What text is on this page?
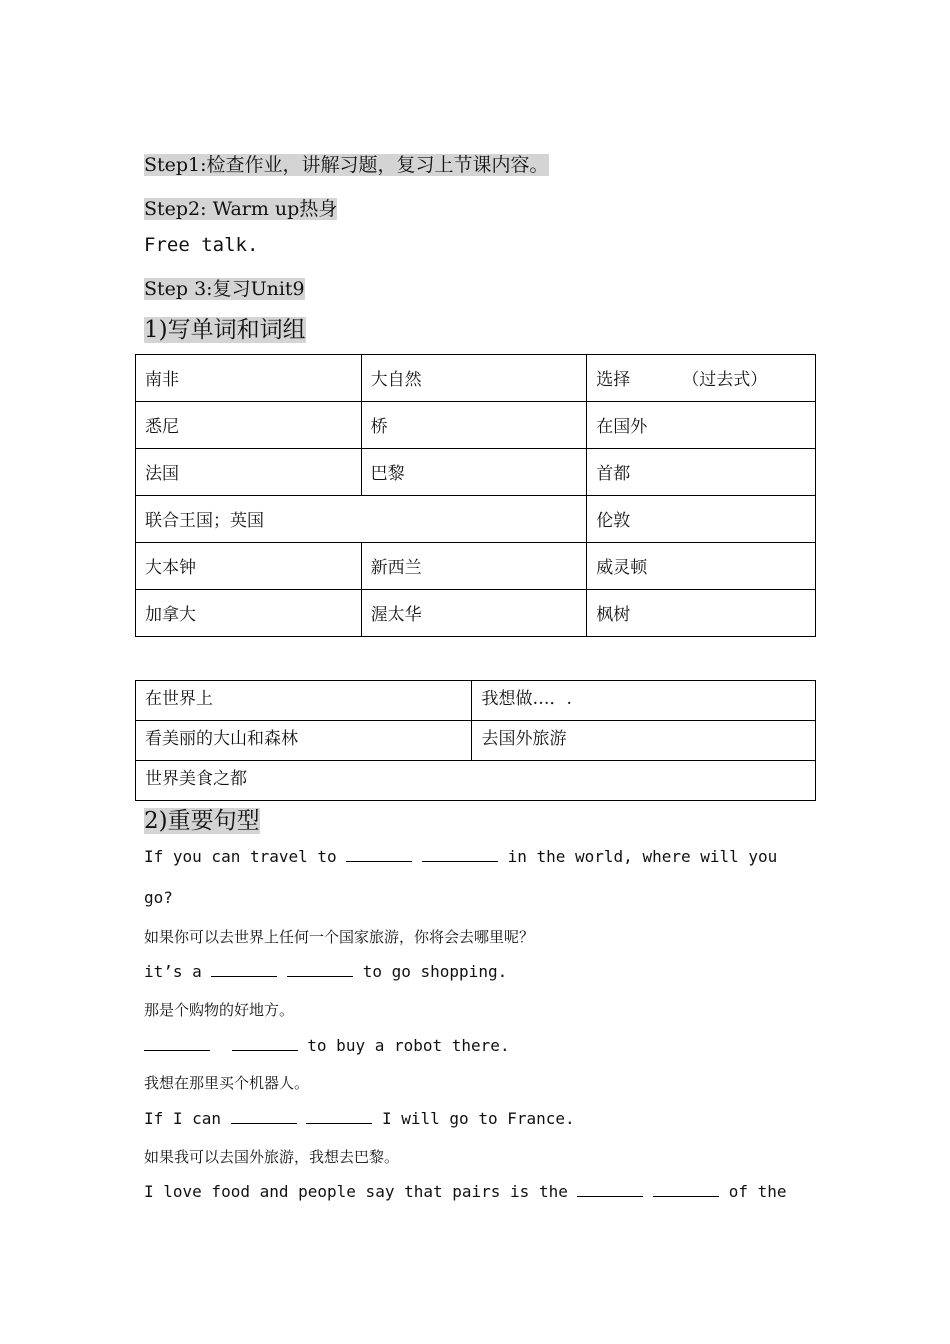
Step1:检查作业，讲解习题，复习上节课内容。
Step2: Warm up热身
Free talk.
Step 3:复习Unit9
1)写单词和词组
南非	大自然	选择 （过去式）
悉尼	桥	在国外
法国	巴黎	首都
联合王国；英国		伦敦
大本钟	新西兰	威灵顿
加拿大	渥太华	枫树
在世界上	我想做…．.
看美丽的大山和森林	去国外旅游
世界美食之都	
2)重要句型
If you can travel to	in the world, where will you
go?
如果你可以去世界上任何一个国家旅游，你将会去哪里呢？
it’s a	to go shopping.
那是个购物的好地方。
to buy a robot there.
我想在那里买个机器人。
If I can	I will go to France.
如果我可以去国外旅游，我想去巴黎。
I love food and people say that pairs is the	of the
